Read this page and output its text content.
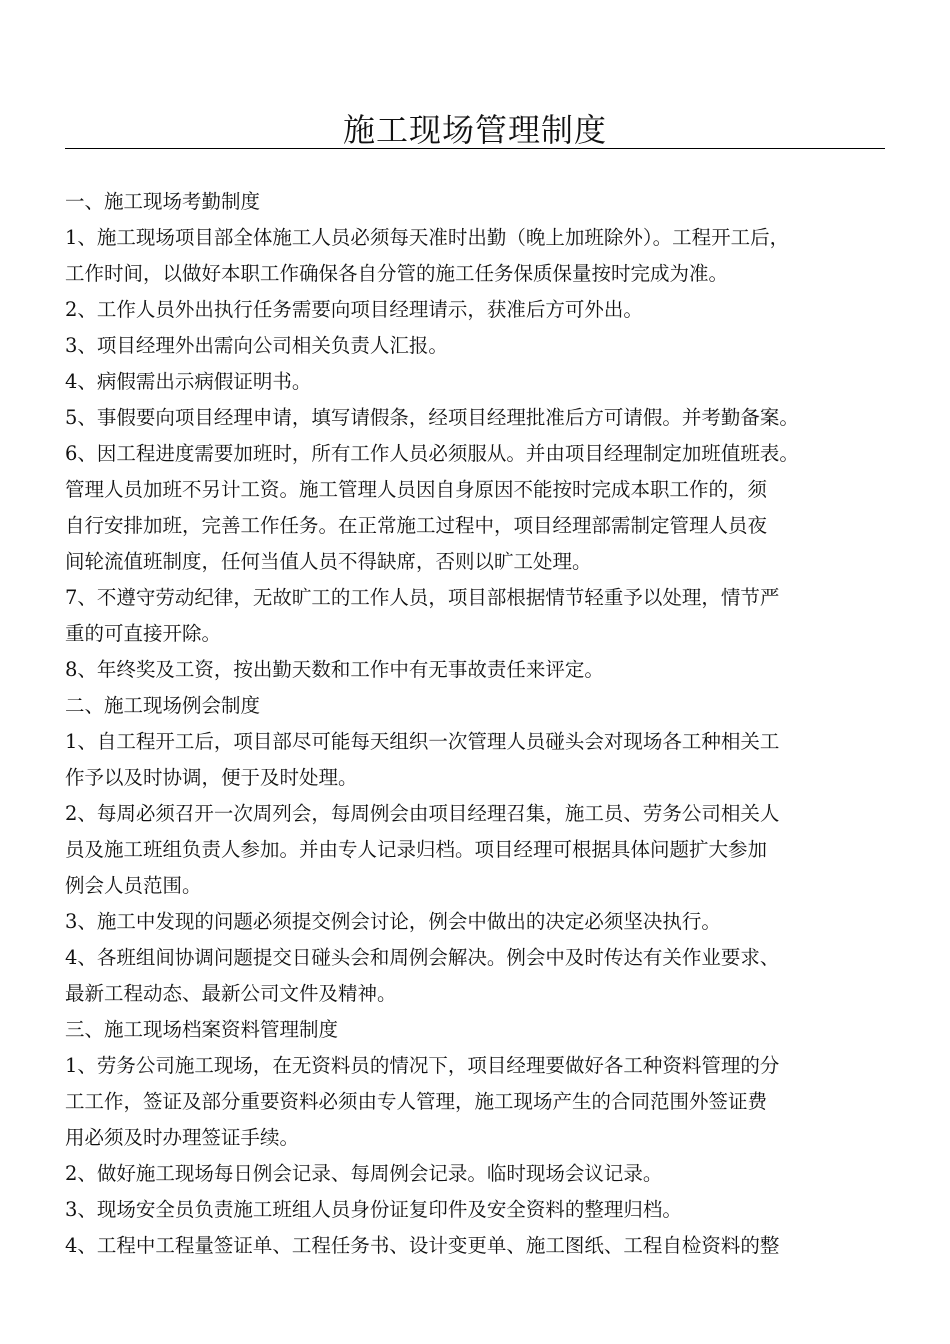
施工现场管理制度
一、施工现场考勤制度
1、施工现场项目部全体施工人员必须每天准时出勤（晚上加班除外）。工程开工后，
工作时间，以做好本职工作确保各自分管的施工任务保质保量按时完成为准。
2、工作人员外出执行任务需要向项目经理请示，获准后方可外出。
3、项目经理外出需向公司相关负责人汇报。
4、病假需出示病假证明书。
5、事假要向项目经理申请，填写请假条，经项目经理批准后方可请假。并考勤备案。
6、因工程进度需要加班时，所有工作人员必须服从。并由项目经理制定加班值班表。
管理人员加班不另计工资。施工管理人员因自身原因不能按时完成本职工作的，须
自行安排加班，完善工作任务。在正常施工过程中，项目经理部需制定管理人员夜
间轮流值班制度，任何当值人员不得缺席，否则以旷工处理。
7、不遵守劳动纪律，无故旷工的工作人员，项目部根据情节轻重予以处理，情节严
重的可直接开除。
8、年终奖及工资，按出勤天数和工作中有无事故责任来评定。
二、施工现场例会制度
1、自工程开工后，项目部尽可能每天组织一次管理人员碰头会对现场各工种相关工
作予以及时协调，便于及时处理。
2、每周必须召开一次周列会，每周例会由项目经理召集，施工员、劳务公司相关人
员及施工班组负责人参加。并由专人记录归档。项目经理可根据具体问题扩大参加
例会人员范围。
3、施工中发现的问题必须提交例会讨论，例会中做出的决定必须坚决执行。
4、各班组间协调问题提交日碰头会和周例会解决。例会中及时传达有关作业要求、
最新工程动态、最新公司文件及精神。
三、施工现场档案资料管理制度
1、劳务公司施工现场，在无资料员的情况下，项目经理要做好各工种资料管理的分
工工作，签证及部分重要资料必须由专人管理，施工现场产生的合同范围外签证费
用必须及时办理签证手续。
2、做好施工现场每日例会记录、每周例会记录。临时现场会议记录。
3、现场安全员负责施工班组人员身份证复印件及安全资料的整理归档。
4、工程中工程量签证单、工程任务书、设计变更单、施工图纸、工程自检资料的整
